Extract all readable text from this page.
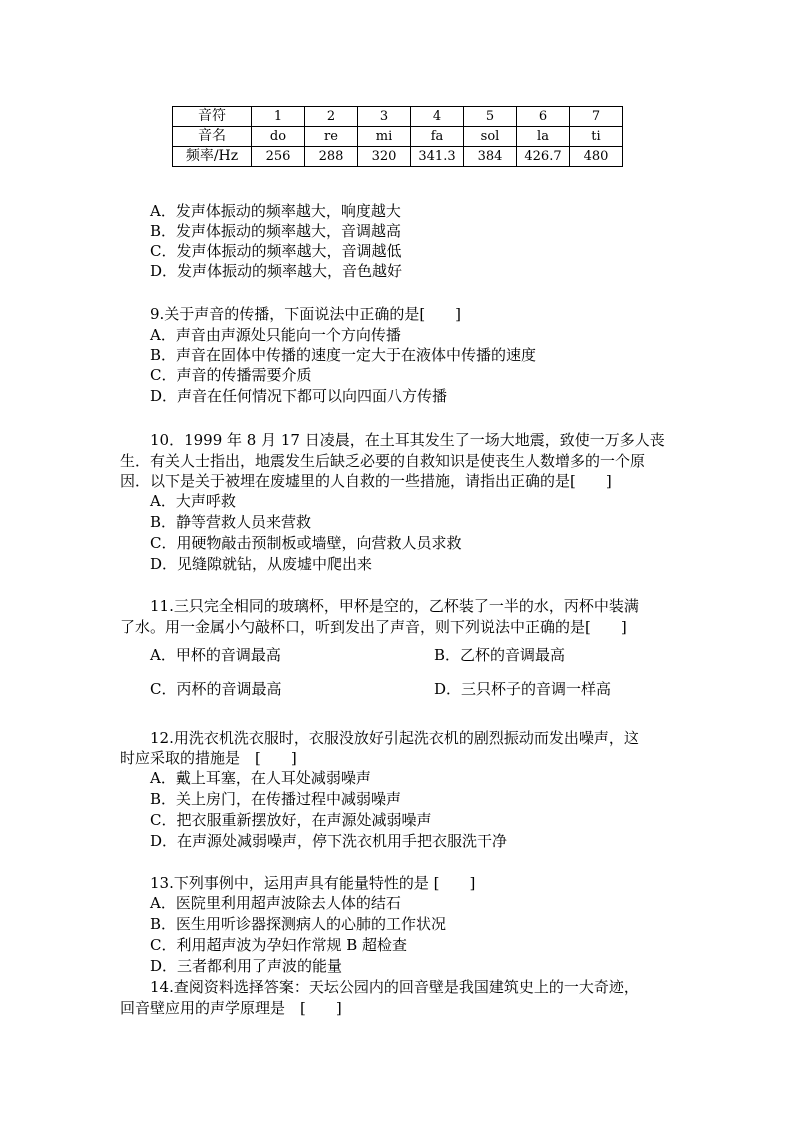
音符	1	2	3	4	5	6	7
音名	do	re	mi	fa	sol	la	ti
频率/Hz	256	288	320	341.3	384	426.7	480
A．发声体振动的频率越大，响度越大
B．发声体振动的频率越大，音调越高
C．发声体振动的频率越大，音调越低
D．发声体振动的频率越大，音色越好
9.关于声音的传播，下面说法中正确的是[　　]
A．声音由声源处只能向一个方向传播
B．声音在固体中传播的速度一定大于在液体中传播的速度
C．声音的传播需要介质
D．声音在任何情况下都可以向四面八方传播
10．1999 年 8 月 17 日凌晨，在土耳其发生了一场大地震，致使一万多人丧
生．有关人士指出，地震发生后缺乏必要的自救知识是使丧生人数增多的一个原
因．以下是关于被埋在废墟里的人自救的一些措施，请指出正确的是[　　]
A．大声呼救
B．静等营救人员来营救
C．用硬物敲击预制板或墙壁，向营救人员求救
D．见缝隙就钻，从废墟中爬出来
11.三只完全相同的玻璃杯，甲杯是空的，乙杯装了一半的水，丙杯中装满
了水。用一金属小勺敲杯口，听到发出了声音，则下列说法中正确的是[　　]
A．甲杯的音调最高	B．乙杯的音调最高
C．丙杯的音调最高	D．三只杯子的音调一样高
12.用洗衣机洗衣服时，衣服没放好引起洗衣机的剧烈振动而发出噪声，这
时应采取的措施是　[　　]
A．戴上耳塞，在人耳处减弱噪声
B．关上房门，在传播过程中减弱噪声
C．把衣服重新摆放好，在声源处减弱噪声
D．在声源处减弱噪声，停下洗衣机用手把衣服洗干净
13.下列事例中，运用声具有能量特性的是 [　　]
A．医院里利用超声波除去人体的结石
B．医生用听诊器探测病人的心肺的工作状况
C．利用超声波为孕妇作常规 B 超检查
D．三者都利用了声波的能量
14.查阅资料选择答案：天坛公园内的回音壁是我国建筑史上的一大奇迹，
回音壁应用的声学原理是　[　　]
